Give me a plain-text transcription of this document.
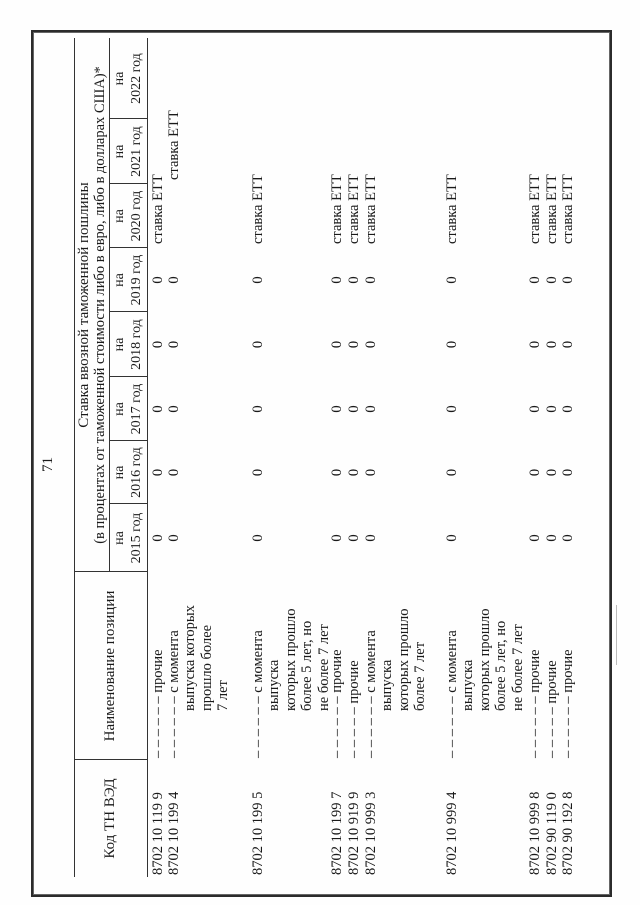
71
Код ТН ВЭД
Наименование позиции
Ставка ввозной таможенной пошлины (в процентах от таможенной стоимости либо в евро, либо в долларах США)* на 2015 год
на 2016 год
на 2017 год
на 2018 год
на 2019 год
на 2020 год
на 2021 год
на 2022 год
8702 10 119 9
– – – – – – прочие
0
0
0
0
0
ставка ЕТТ
8702 10 199 4
– – – – – – с момента выпуска которых прошло более 7 лет
0
0
0
0
0
ставка ЕТТ
8702 10 199 5
– – – – – – с момента выпуска которых прошло более 5 лет, но не более 7 лет
0
0
0
0
0
ставка ЕТТ
8702 10 199 7
– – – – – – прочие
0
0
0
0
0
ставка ЕТТ
8702 10 919 9
– – – – – прочие
0
0
0
0
0
ставка ЕТТ
8702 10 999 3
– – – – – – с момента выпуска которых прошло более 7 лет
0
0
0
0
0
ставка ЕТТ
8702 10 999 4
– – – – – – с момента выпуска которых прошло более 5 лет, но не более 7 лет
0
0
0
0
0
ставка ЕТТ
8702 10 999 8
– – – – – – прочие
0
0
0
0
0
ставка ЕТТ
8702 90 119 0
– – – – – прочие
0
0
0
0
0
ставка ЕТТ
8702 90 192 8
– – – – – – прочие
0
0
0
0
0
ставка ЕТТ
